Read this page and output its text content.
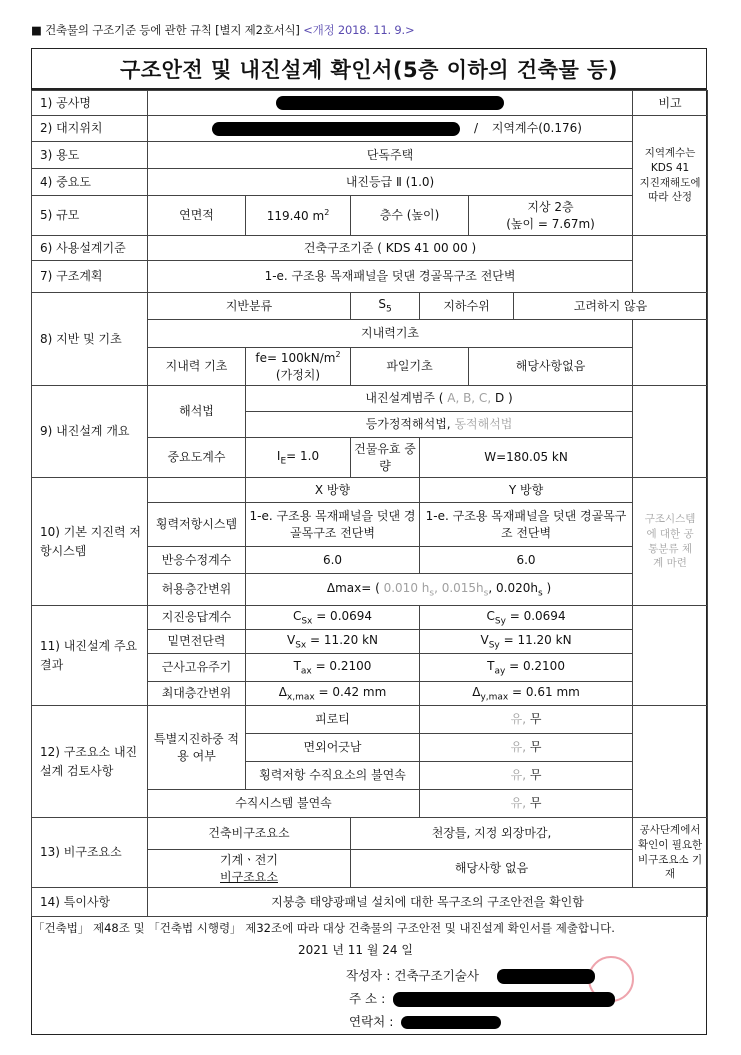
■ 건축물의 구조기준 등에 관한 규칙 [별지 제2호서식] <개정 2018. 11. 9.>
구조안전 및 내진설계 확인서(5층 이하의 건축물 등)
1) 공사명							비고	
2) 대지위치	/ 지역계수(0.176)						지역계수는
KDS 41
지진재해도에
따라 산정	

3) 용도	단독주택							
4) 중요도	내진등급 Ⅱ (1.0)							
5) 규모	연면적	119.40 $m^2$	층수 (높이)		지상 2층
(높이 = 7.67m)			

6) 사용설계기준	건축구조기준 ( KDS 41 00 00 )							
7) 구조계획	1-e. 구조용 목재패널을 덧댄 경골목구조 전단벽							
8) 지반 및 기초	지반분류		$S_5$	지하수위		고려하지 않음		
	지내력기초							
	지내력 기초	$fe= 100kN/m^2$
(가정치)	파일기초		해당사항없음			
9) 내진설계 개요	해석법	내진설계범주 ( A, B, C, D )						
		등가정적해석법, 동적해석법						
	중요도계수	$I_E= 1.0$	건물유효 중량	W=180.05 kN				
10) 기본 지진력 저항시스템		X 방향		Y 방향			구조시스템에 대한 공통분류 체계 마련	
	횡력저항시스템	1-e. 구조용 목재패널을 덧댄 경골목구조 전단벽		1-e. 구조용 목재패널을 덧댄 경골목구조 전단벽				
	반응수정계수	6.0		6.0				
	허용층간변위	Δmax= ( 0.010 $h_s$, $0.015h_s$, $0.020h_s$ )						
11) 내진설계 주요결과	지진응답계수	$C_{Sx} = 0.0694$		$C_{Sy} = 0.0694$				
	밑면전단력	$V_{Sx} = 11.20$ kN		$V_{Sy} = 11.20$ kN				
	근사고유주기	$T_{ax} = 0.2100$		$T_{ay} = 0.2100$				
	최대층간변위	$\Delta_{x,max} = 0.42$ mm		$\Delta_{y,max} = 0.61$ mm				
12) 구조요소 내진설계 검토사항	특별지진하중 적용 여부	피로티		유, 무				
		면외어긋남		유, 무				
		횡력저항 수직요소의 불연속		유, 무				
	수직시스템 불연속			유, 무				
13) 비구조요소	건축비구조요소		천장틀, 지정 외장마감,				공사단계에서 확인이 필요한 비구조요소 기재	

	기계ㆍ전기
비구조요소		해당사항 없음					
14) 특이사항	지붕층 태양광패널 설치에 대한 목구조의 구조안전을 확인함							
「건축법」 제48조 및 「건축법 시행령」 제32조에 따라 대상 건축물의 구조안전 및 내진설계 확인서를 제출합니다.
2021 년 11 월 24 일
작성자 : 건축구조기술사
주 소 :
연락처 :
